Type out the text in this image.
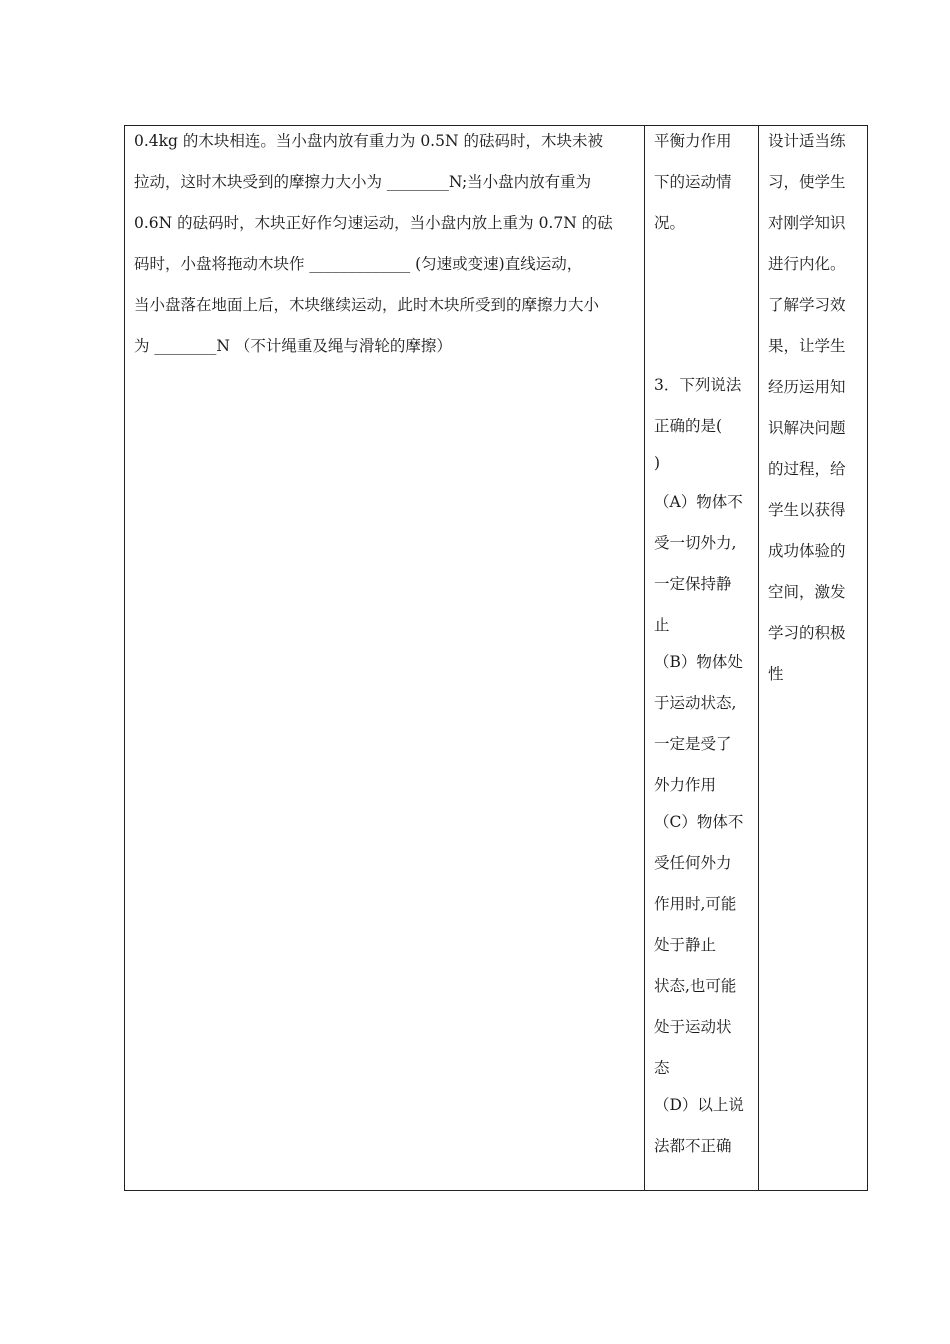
0.4kg 的木块相连。当小盘内放有重力为 0.5N 的砝码时，木块未被
拉动，这时木块受到的摩擦力大小为 ________N;当小盘内放有重为
0.6N 的砝码时，木块正好作匀速运动，当小盘内放上重为 0.7N 的砝
码时，小盘将拖动木块作 _____________ (匀速或变速)直线运动，
当小盘落在地面上后，木块继续运动，此时木块所受到的摩擦力大小
为 ________N （不计绳重及绳与滑轮的摩擦）
平衡力作用
下的运动情
况。
3．下列说法
正确的是(
)
（A）物体不
受一切外力,
一定保持静
止
（B）物体处
于运动状态,
一定是受了
外力作用
（C）物体不
受任何外力
作用时,可能
处于静止
状态,也可能
处于运动状
态
（D）以上说
法都不正确
设计适当练
习，使学生
对刚学知识
进行内化。
了解学习效
果，让学生
经历运用知
识解决问题
的过程，给
学生以获得
成功体验的
空间，激发
学习的积极
性
